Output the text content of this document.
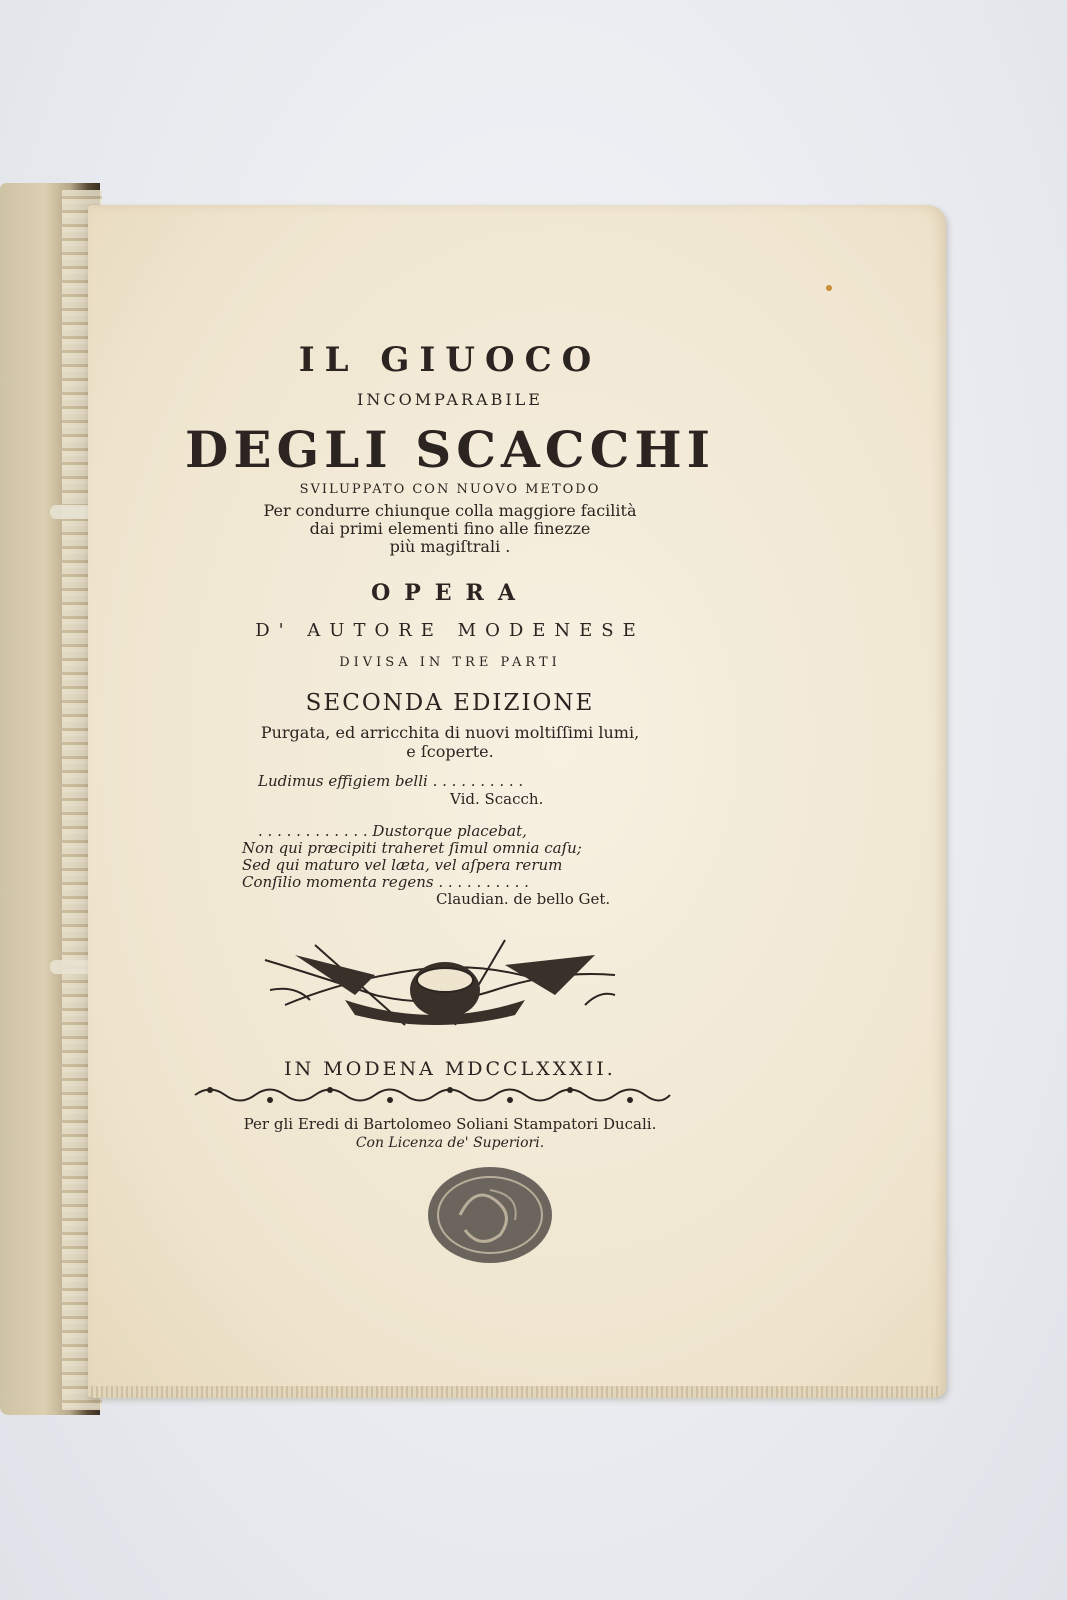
IL GIUOCO
INCOMPARABILE
DEGLI SCACCHI
SVILUPPATO CON NUOVO METODO
Per condurre chiunque colla maggiore facilità
dai primi elementi fino alle finezze
più magiſtrali .
OPERA
D' AUTORE MODENESE
DIVISA IN TRE PARTI
SECONDA EDIZIONE
Purgata, ed arricchita di nuovi moltiſſimi lumi,
e ſcoperte.
Ludimus effigiem belli . . . . . . . . . .
Vid. Scacch.
. . . . . . . . . . . . Duѕtorque placebat,
Non qui præcipiti traheret ſimul omnia caſu;
Sed qui maturo vel læta, vel aſpera rerum
Conſilio momenta regens . . . . . . . . . .
Claudian. de bello Get.
IN MODENA MDCCLXXXII.
Per gli Eredi di Bartolomeo Soliani Stampatori Ducali.
Con Licenza de' Superiori.
